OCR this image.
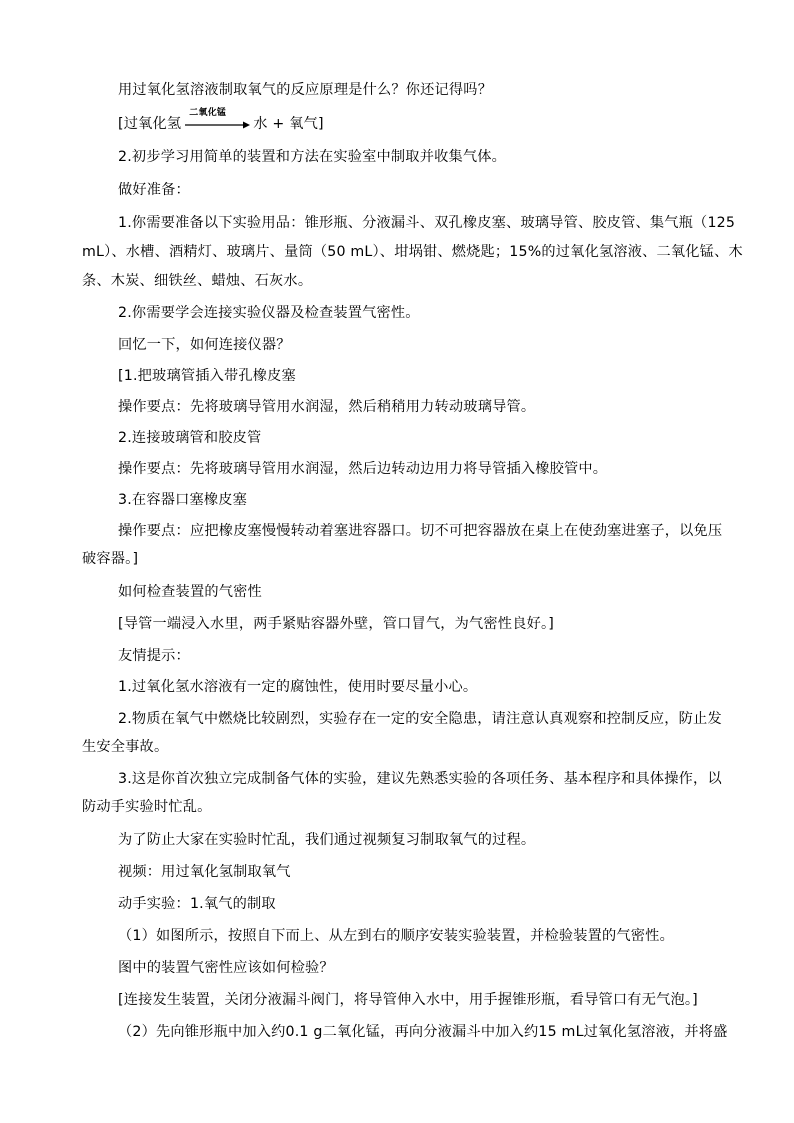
用过氧化氢溶液制取氧气的反应原理是什么？你还记得吗？
[过氧化氢
二氧化锰
水 + 氧气]
2.初步学习用简单的装置和方法在实验室中制取并收集气体。
做好准备：
1.你需要准备以下实验用品：锥形瓶、分液漏斗、双孔橡皮塞、玻璃导管、胶皮管、集气瓶（125
mL）、水槽、酒精灯、玻璃片、量筒（50 mL）、坩埚钳、燃烧匙；15%的过氧化氢溶液、二氧化锰、木
条、木炭、细铁丝、蜡烛、石灰水。
2.你需要学会连接实验仪器及检查装置气密性。
回忆一下，如何连接仪器？
[1.把玻璃管插入带孔橡皮塞
操作要点：先将玻璃导管用水润湿，然后稍稍用力转动玻璃导管。
2.连接玻璃管和胶皮管
操作要点：先将玻璃导管用水润湿，然后边转动边用力将导管插入橡胶管中。
3.在容器口塞橡皮塞
操作要点：应把橡皮塞慢慢转动着塞进容器口。切不可把容器放在桌上在使劲塞进塞子，以免压
破容器。]
如何检查装置的气密性
[导管一端浸入水里，两手紧贴容器外壁，管口冒气，为气密性良好。]
友情提示：
1.过氧化氢水溶液有一定的腐蚀性，使用时要尽量小心。
2.物质在氧气中燃烧比较剧烈，实验存在一定的安全隐患，请注意认真观察和控制反应，防止发
生安全事故。
3.这是你首次独立完成制备气体的实验，建议先熟悉实验的各项任务、基本程序和具体操作，以
防动手实验时忙乱。
为了防止大家在实验时忙乱，我们通过视频复习制取氧气的过程。
视频：用过氧化氢制取氧气
动手实验：1.氧气的制取
（1）如图所示，按照自下而上、从左到右的顺序安装实验装置，并检验装置的气密性。
图中的装置气密性应该如何检验？
[连接发生装置，关闭分液漏斗阀门，将导管伸入水中，用手握锥形瓶，看导管口有无气泡。]
（2）先向锥形瓶中加入约0.1 g二氧化锰，再向分液漏斗中加入约15 mL过氧化氢溶液，并将盛
